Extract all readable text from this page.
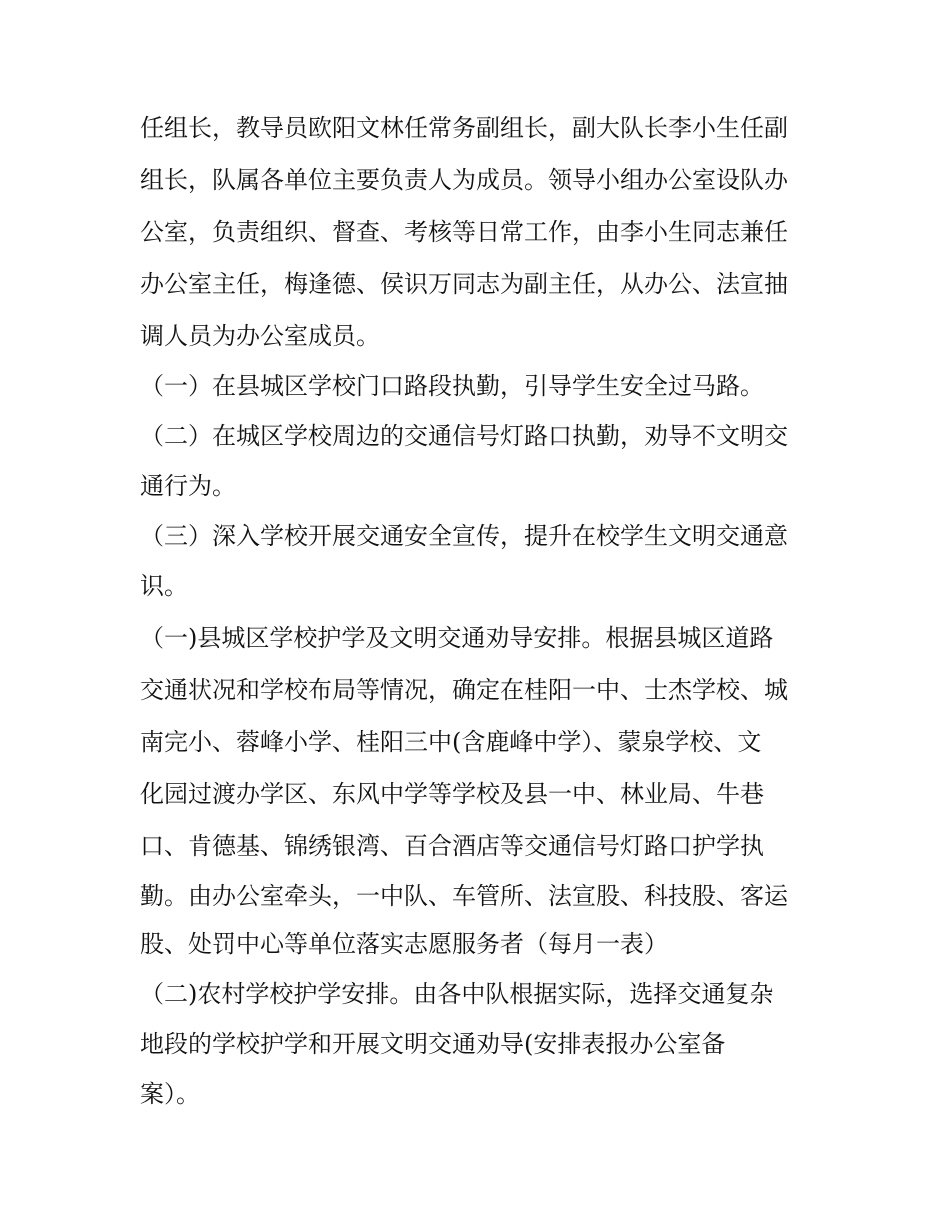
任组长，教导员欧阳文林任常务副组长，副大队长李小生任副
组长，队属各单位主要负责人为成员。领导小组办公室设队办
公室，负责组织、督查、考核等日常工作，由李小生同志兼任
办公室主任，梅逢德、侯识万同志为副主任，从办公、法宣抽
调人员为办公室成员。
（一）在县城区学校门口路段执勤，引导学生安全过马路。
（二）在城区学校周边的交通信号灯路口执勤，劝导不文明交
通行为。
（三）深入学校开展交通安全宣传，提升在校学生文明交通意
识。
（一)县城区学校护学及文明交通劝导安排。根据县城区道路
交通状况和学校布局等情况，确定在桂阳一中、士杰学校、城
南完小、蓉峰小学、桂阳三中(含鹿峰中学）、蒙泉学校、文
化园过渡办学区、东风中学等学校及县一中、林业局、牛巷
口、肯德基、锦绣银湾、百合酒店等交通信号灯路口护学执
勤。由办公室牵头，一中队、车管所、法宣股、科技股、客运
股、处罚中心等单位落实志愿服务者（每月一表）
（二)农村学校护学安排。由各中队根据实际，选择交通复杂
地段的学校护学和开展文明交通劝导(安排表报办公室备
案）。
